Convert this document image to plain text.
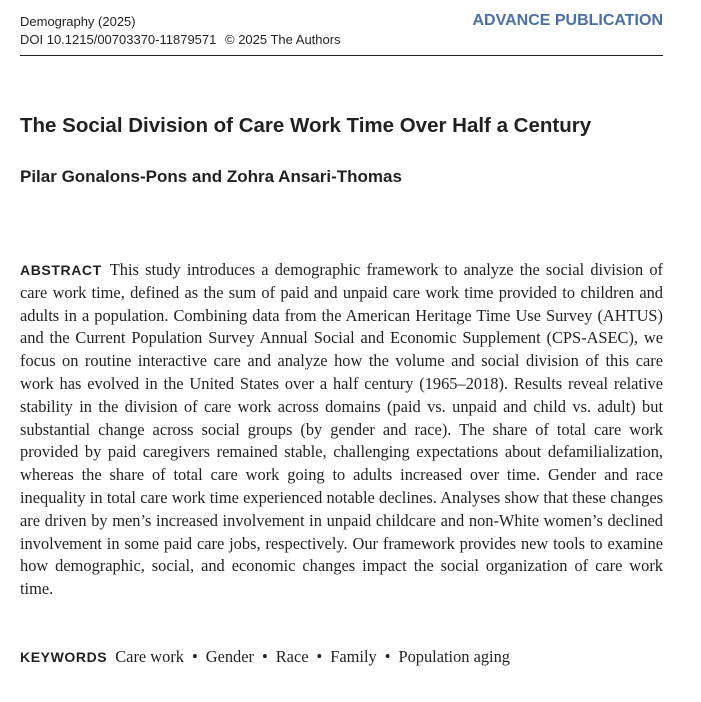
Demography (2025)
DOI 10.1215/00703370-11879571 © 2025 The Authors
ADVANCE PUBLICATION
The Social Division of Care Work Time Over Half a Century
Pilar Gonalons-Pons and Zohra Ansari-Thomas

ABSTRACT This study introduces a demographic framework to analyze the social division of care work time, defined as the sum of paid and unpaid care work time provided to children and adults in a population. Combining data from the American Heritage Time Use Survey (AHTUS) and the Current Population Survey Annual Social and Economic Supplement (CPS-ASEC), we focus on routine interactive care and analyze how the volume and social division of this care work has evolved in the United States over a half century (1965–2018). Results reveal relative stability in the division of care work across domains (paid vs. unpaid and child vs. adult) but substantial change across social groups (by gender and race). The share of total care work provided by paid caregivers remained stable, challenging expectations about defamilialization, whereas the share of total care work going to adults increased over time. Gender and race inequality in total care work time experienced notable declines. Analyses show that these changes are driven by men’s increased involvement in unpaid childcare and non-White women’s declined involvement in some paid care jobs, respectively. Our framework provides new tools to examine how demographic, social, and economic changes impact the social organization of care work time.

KEYWORDS Care work • Gender • Race • Family • Population aging
